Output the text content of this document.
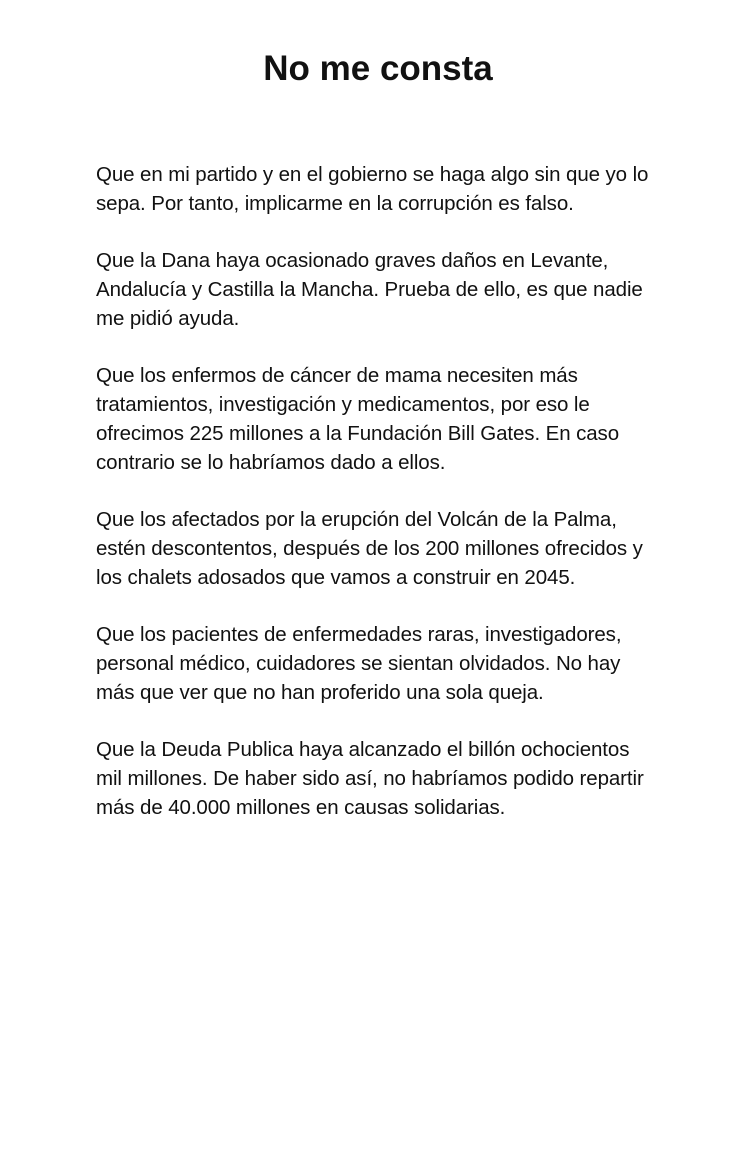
No me consta

Que en mi partido y en el gobierno se haga algo sin que yo lo
sepa. Por tanto, implicarme en la corrupción es falso.

Que la Dana haya ocasionado graves daños en Levante,
Andalucía y Castilla la Mancha. Prueba de ello, es que nadie
me pidió ayuda.

Que los enfermos de cáncer de mama necesiten más
tratamientos, investigación y medicamentos, por eso le
ofrecimos 225 millones a la Fundación Bill Gates. En caso
contrario se lo habríamos dado a ellos.

Que los afectados por la erupción del Volcán de la Palma,
estén descontentos, después de los 200 millones ofrecidos y
los chalets adosados que vamos a construir en 2045.

Que los pacientes de enfermedades raras, investigadores,
personal médico, cuidadores se sientan olvidados. No hay
más que ver que no han proferido una sola queja.

Que la Deuda Publica haya alcanzado el billón ochocientos
mil millones. De haber sido así, no habríamos podido repartir
más de 40.000 millones en causas solidarias.
